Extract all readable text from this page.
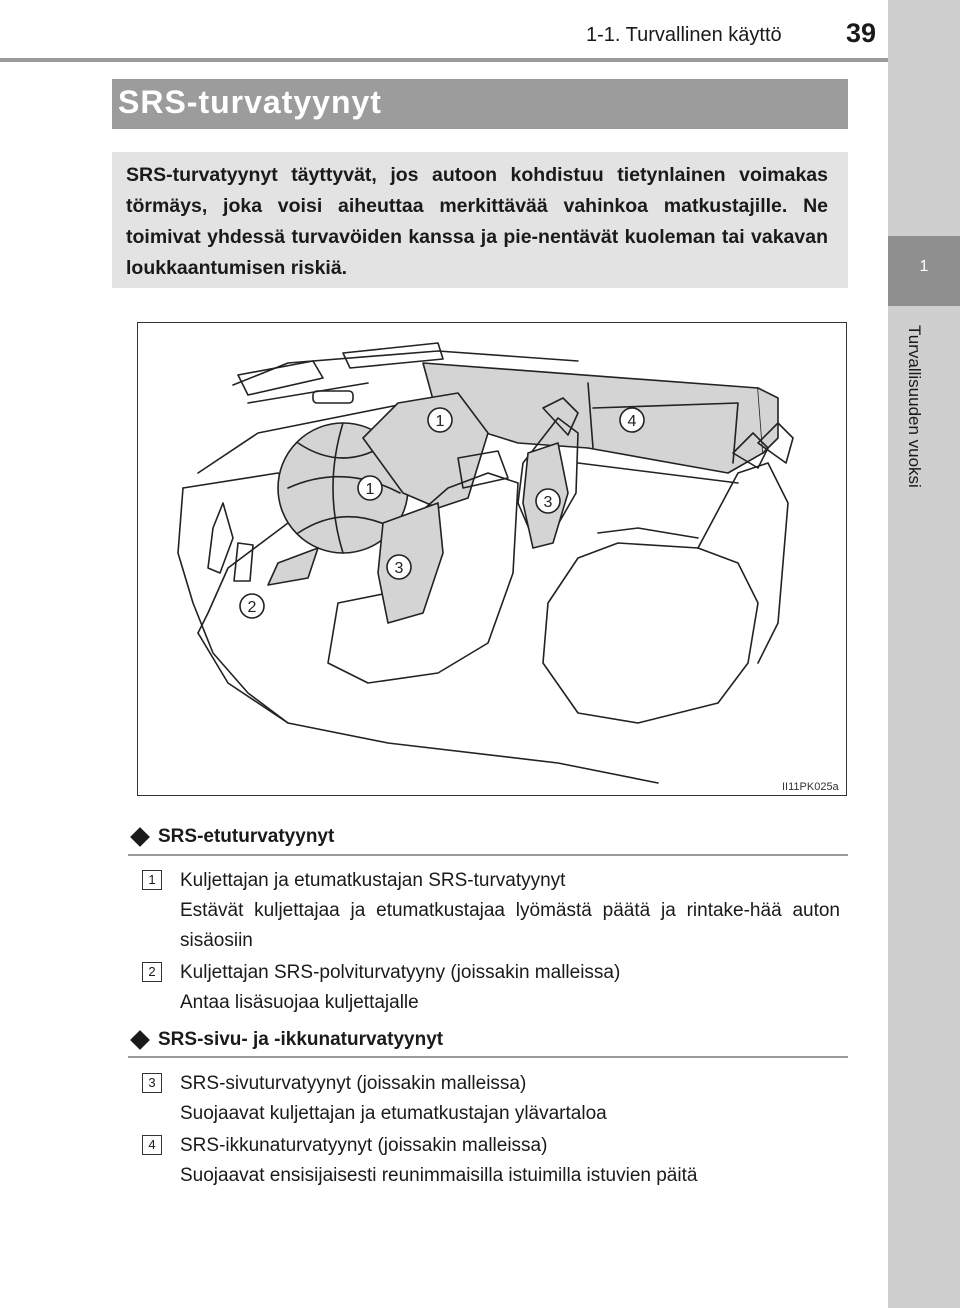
1-1. Turvallinen käyttö 39
1
Turvallisuuden vuoksi
SRS-turvatyynyt
SRS-turvatyynyt täyttyvät, jos autoon kohdistuu tietynlainen voimakas törmäys, joka voisi aiheuttaa merkittävää vahinkoa matkustajille. Ne toimivat yhdessä turvavöiden kanssa ja pie-nentävät kuoleman tai vakavan loukkaantumisen riskiä.
1
1
2
3
3
4
II11PK025a
SRS-etuturvatyynyt
1	Kuljettajan ja etumatkustajan SRS-turvatyynyt
Estävät kuljettajaa ja etumatkustajaa lyömästä päätä ja rintake-hää auton sisäosiin
2	Kuljettajan SRS-polviturvatyyny (joissakin malleissa)
Antaa lisäsuojaa kuljettajalle
SRS-sivu- ja -ikkunaturvatyynyt
3	SRS-sivuturvatyynyt (joissakin malleissa)
Suojaavat kuljettajan ja etumatkustajan ylävartaloa
4	SRS-ikkunaturvatyynyt (joissakin malleissa)
Suojaavat ensisijaisesti reunimmaisilla istuimilla istuvien päitä
